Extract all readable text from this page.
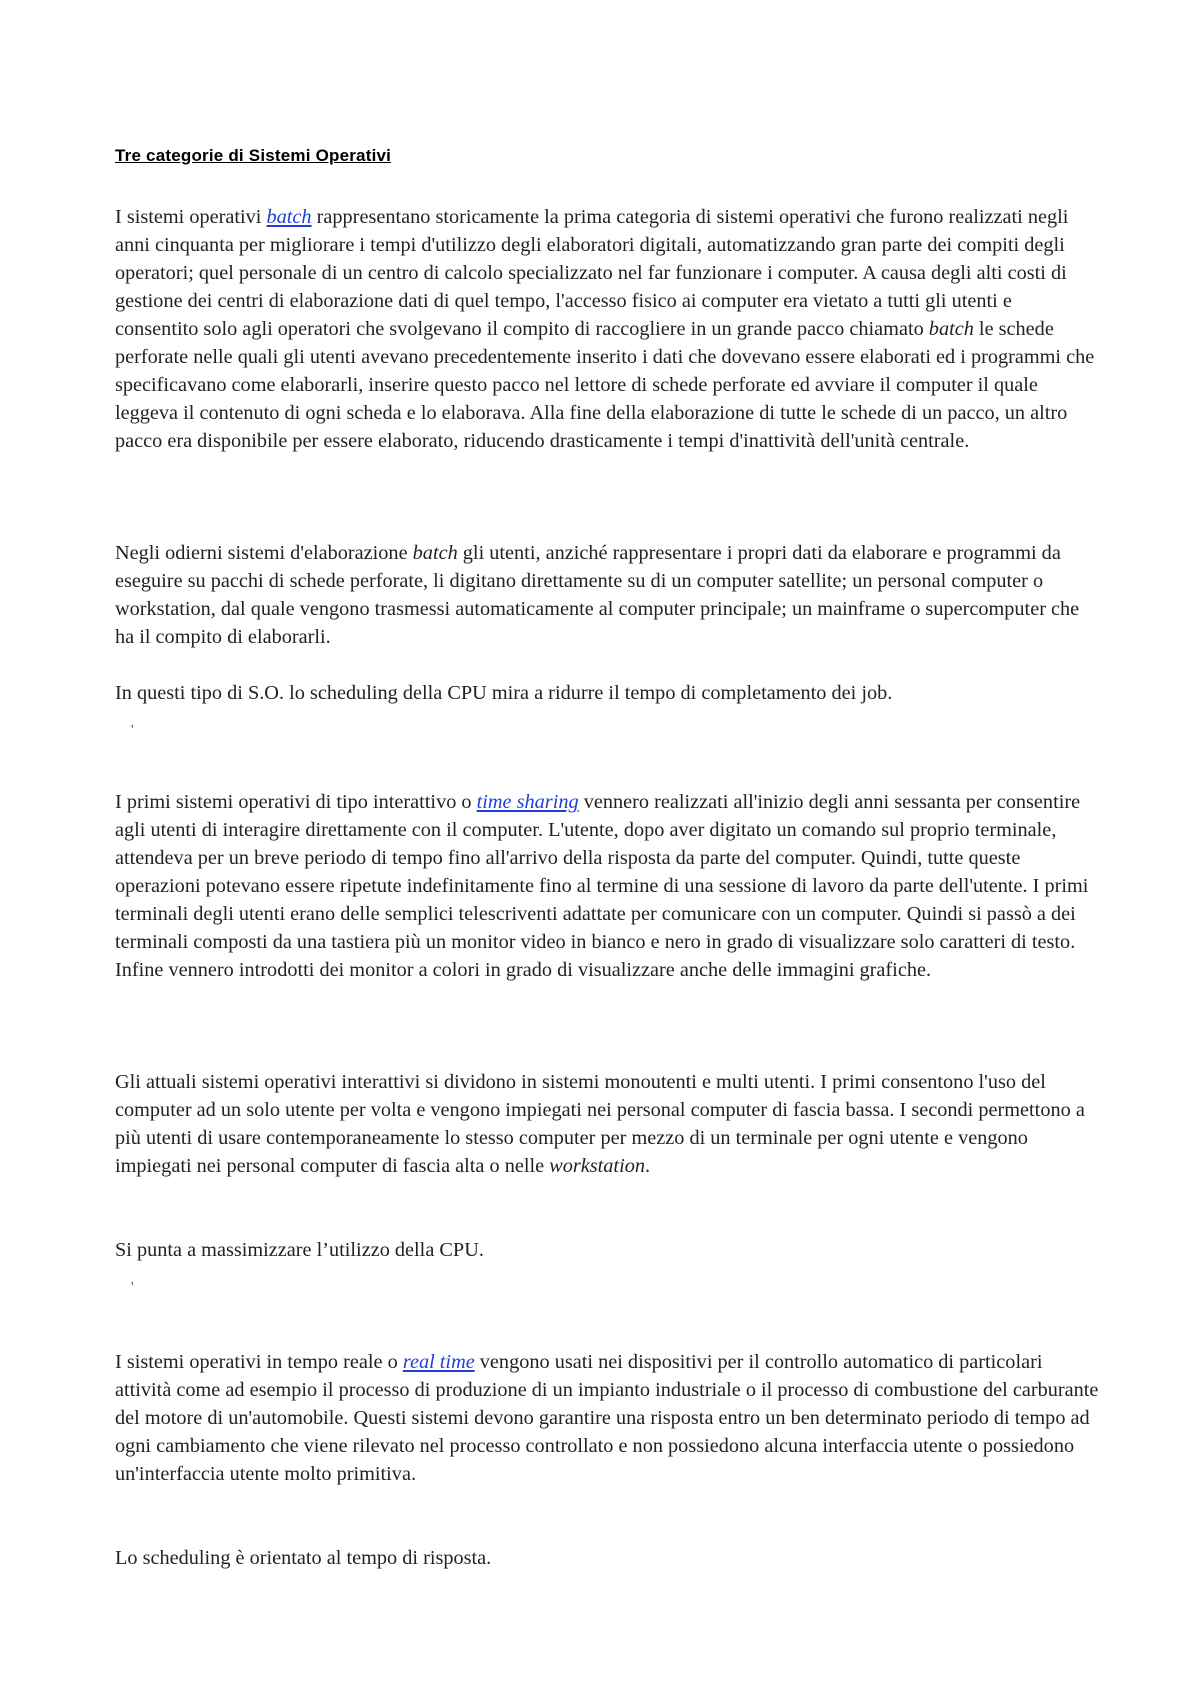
Tre categorie di Sistemi Operativi

I sistemi operativi batch rappresentano storicamente la prima categoria di sistemi operativi che furono realizzati negli anni cinquanta per migliorare i tempi d'utilizzo degli elaboratori digitali, automatizzando gran parte dei compiti degli operatori; quel personale di un centro di calcolo specializzato nel far funzionare i computer. A causa degli alti costi di gestione dei centri di elaborazione dati di quel tempo, l'accesso fisico ai computer era vietato a tutti gli utenti e consentito solo agli operatori che svolgevano il compito di raccogliere in un grande pacco chiamato batch le schede perforate nelle quali gli utenti avevano precedentemente inserito i dati che dovevano essere elaborati ed i programmi che specificavano come elaborarli, inserire questo pacco nel lettore di schede perforate ed avviare il computer il quale leggeva il contenuto di ogni scheda e lo elaborava. Alla fine della elaborazione di tutte le schede di un pacco, un altro pacco era disponibile per essere elaborato, riducendo drasticamente i tempi d'inattività dell'unità centrale.

Negli odierni sistemi d'elaborazione batch gli utenti, anziché rappresentare i propri dati da elaborare e programmi da eseguire su pacchi di schede perforate, li digitano direttamente su di un computer satellite; un personal computer o workstation, dal quale vengono trasmessi automaticamente al computer principale; un mainframe o supercomputer che ha il compito di elaborarli.

In questi tipo di S.O. lo scheduling della CPU mira a ridurre il tempo di completamento dei job.

'

I primi sistemi operativi di tipo interattivo o time sharing vennero realizzati all'inizio degli anni sessanta per consentire agli utenti di interagire direttamente con il computer. L'utente, dopo aver digitato un comando sul proprio terminale, attendeva per un breve periodo di tempo fino all'arrivo della risposta da parte del computer. Quindi, tutte queste operazioni potevano essere ripetute indefinitamente fino al termine di una sessione di lavoro da parte dell'utente. I primi terminali degli utenti erano delle semplici telescriventi adattate per comunicare con un computer. Quindi si passò a dei terminali composti da una tastiera più un monitor video in bianco e nero in grado di visualizzare solo caratteri di testo. Infine vennero introdotti dei monitor a colori in grado di visualizzare anche delle immagini grafiche.

Gli attuali sistemi operativi interattivi si dividono in sistemi monoutenti e multi utenti. I primi consentono l'uso del computer ad un solo utente per volta e vengono impiegati nei personal computer di fascia bassa. I secondi permettono a più utenti di usare contemporaneamente lo stesso computer per mezzo di un terminale per ogni utente e vengono impiegati nei personal computer di fascia alta o nelle workstation.

Si punta a massimizzare l’utilizzo della CPU.

'

I sistemi operativi in tempo reale o real time vengono usati nei dispositivi per il controllo automatico di particolari attività come ad esempio il processo di produzione di un impianto industriale o il processo di combustione del carburante del motore di un'automobile. Questi sistemi devono garantire una risposta entro un ben determinato periodo di tempo ad ogni cambiamento che viene rilevato nel processo controllato e non possiedono alcuna interfaccia utente o possiedono un'interfaccia utente molto primitiva.

Lo scheduling è orientato al tempo di risposta.
